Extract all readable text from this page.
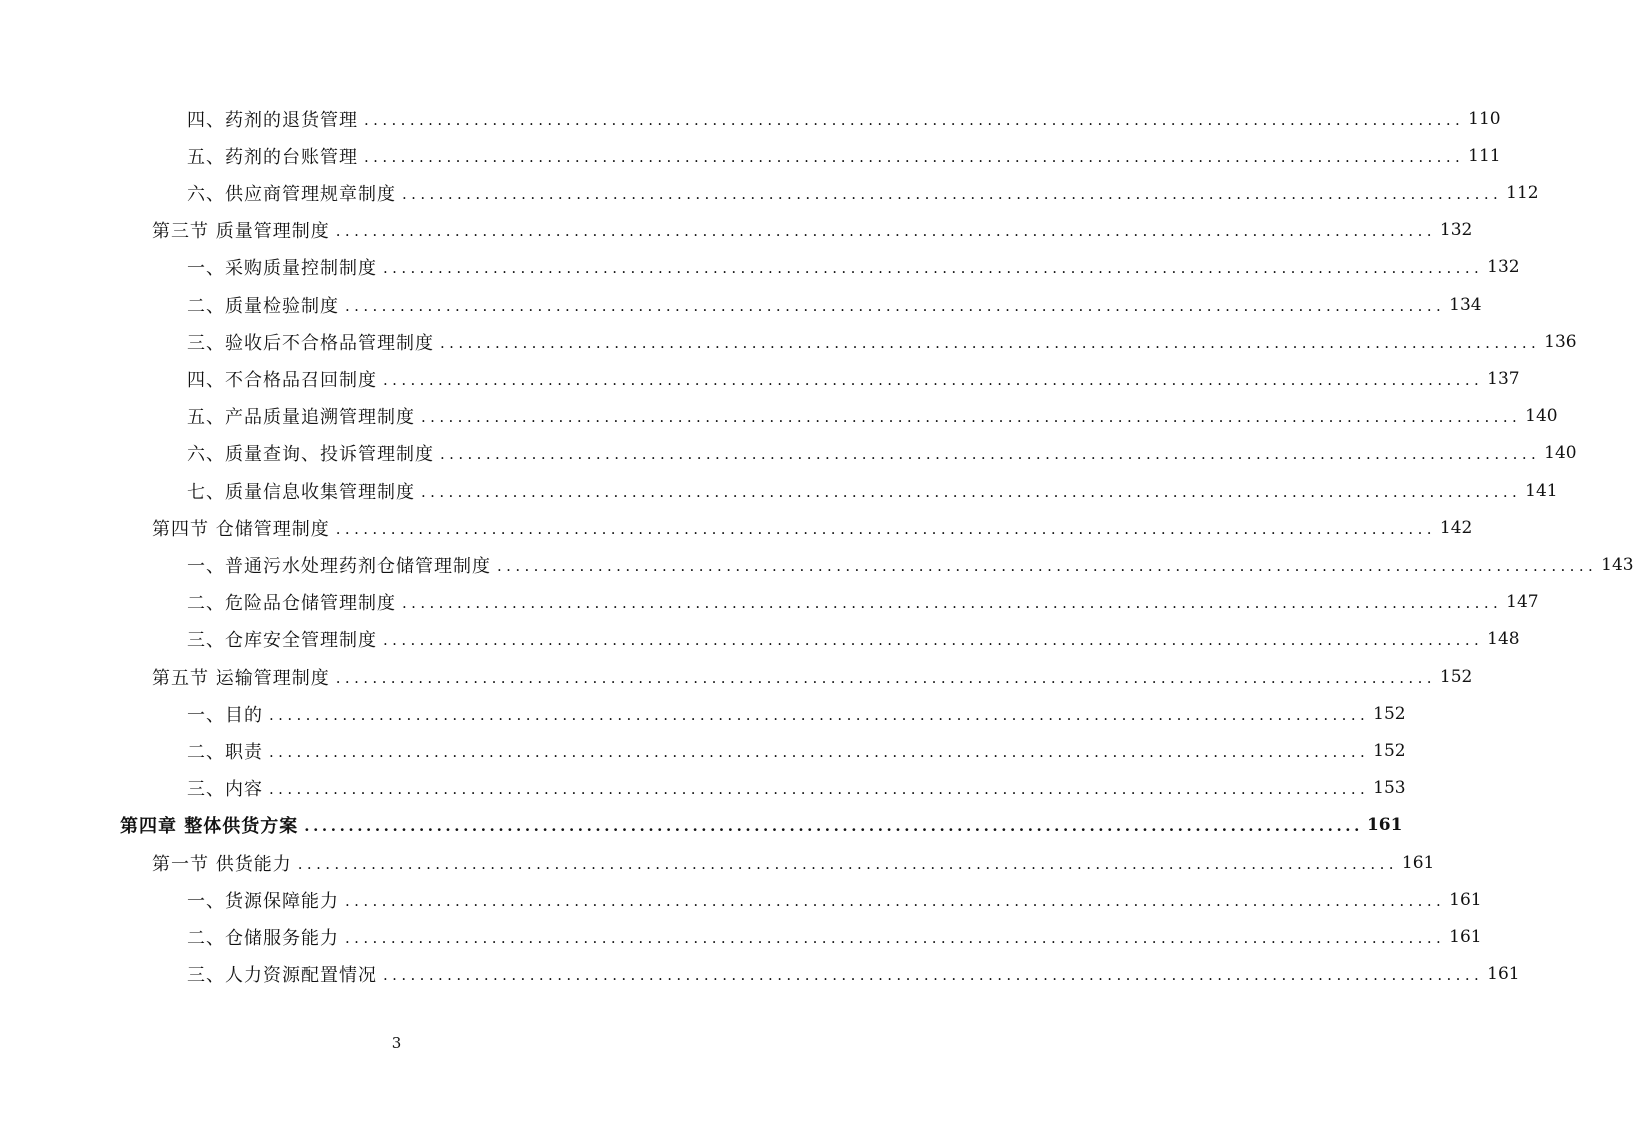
四、药剂的退货管理 ........................................................................................................................ 110
五、药剂的台账管理 ........................................................................................................................ 111
六、供应商管理规章制度 ........................................................................................................................ 112
第三节 质量管理制度 ........................................................................................................................ 132
一、采购质量控制制度 ........................................................................................................................ 132
二、质量检验制度 ........................................................................................................................ 134
三、验收后不合格品管理制度 ........................................................................................................................ 136
四、不合格品召回制度 ........................................................................................................................ 137
五、产品质量追溯管理制度 ........................................................................................................................ 140
六、质量查询、投诉管理制度 ........................................................................................................................ 140
七、质量信息收集管理制度 ........................................................................................................................ 141
第四节 仓储管理制度 ........................................................................................................................ 142
一、普通污水处理药剂仓储管理制度 ........................................................................................................................ 143
二、危险品仓储管理制度 ........................................................................................................................ 147
三、仓库安全管理制度 ........................................................................................................................ 148
第五节 运输管理制度 ........................................................................................................................ 152
一、目的 ........................................................................................................................ 152
二、职责 ........................................................................................................................ 152
三、内容 ........................................................................................................................ 153
第四章 整体供货方案 ........................................................................................................................ 161
第一节 供货能力 ........................................................................................................................ 161
一、货源保障能力 ........................................................................................................................ 161
二、仓储服务能力 ........................................................................................................................ 161
三、人力资源配置情况 ........................................................................................................................ 161
3
